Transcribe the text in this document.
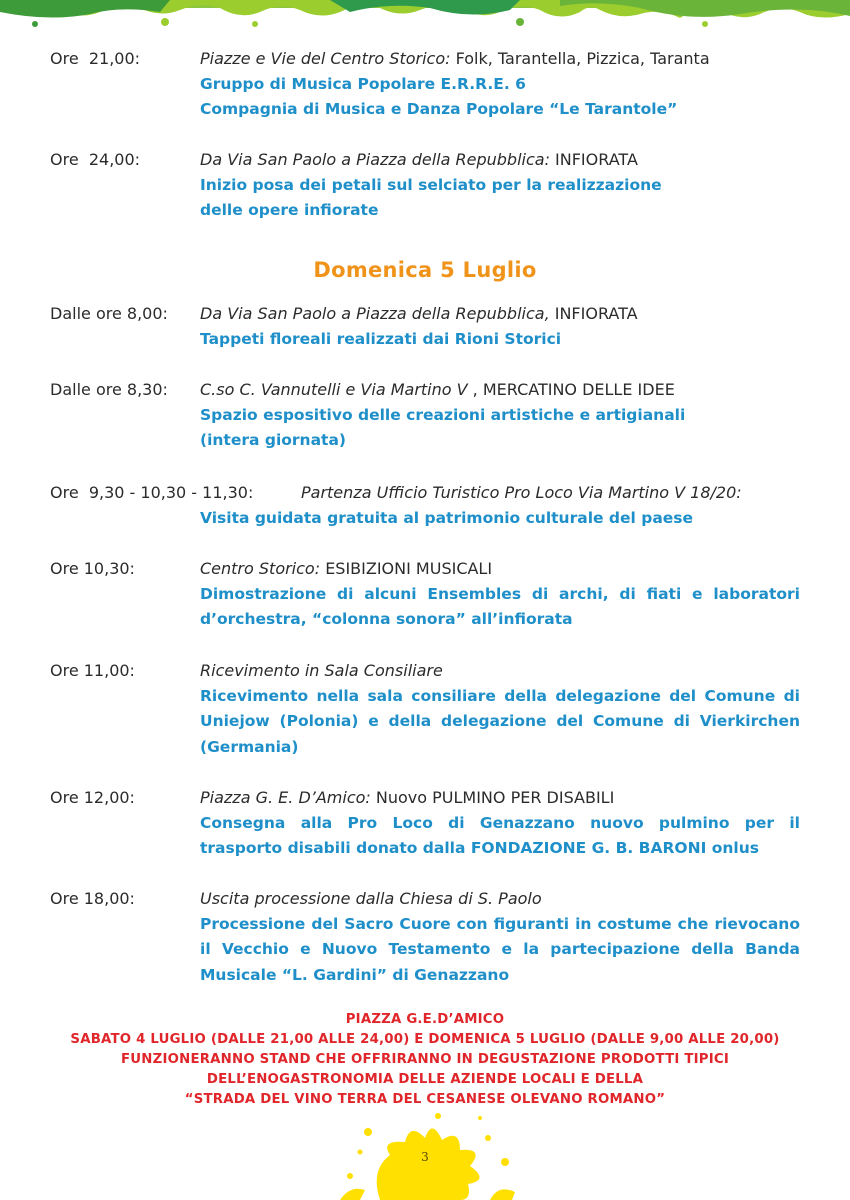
Ore  21,00:	Piazze e Vie del Centro Storico: Folk, Tarantella, Pizzica, Taranta
Gruppo di Musica Popolare E.R.R.E. 6
Compagnia di Musica e Danza Popolare “Le Tarantole”
Ore  24,00:	Da Via San Paolo a Piazza della Repubblica: INFIORATA
Inizio posa dei petali sul selciato per la realizzazione
delle opere infiorate
Domenica 5 Luglio
Dalle ore 8,00: Da Via San Paolo a Piazza della Repubblica, INFIORATA
Tappeti floreali realizzati dai Rioni Storici
Dalle ore 8,30: C.so C. Vannutelli e Via Martino V , MERCATINO DELLE IDEE
Spazio espositivo delle creazioni artistiche e artigianali
(intera giornata)
Ore  9,30 - 10,30 - 11,30:	Partenza Ufficio Turistico Pro Loco Via Martino V 18/20:
Visita guidata gratuita al patrimonio culturale del paese
Ore 10,30:	Centro Storico: ESIBIZIONI MUSICALI
Dimostrazione di alcuni Ensembles di archi, di fiati e laboratori
d’orchestra, “colonna sonora” all’infiorata
Ore 11,00:	Ricevimento in Sala Consiliare
Ricevimento nella sala consiliare della delegazione del Comune di
Uniejow (Polonia) e della delegazione del Comune di Vierkirchen
(Germania)
Ore 12,00:	Piazza G. E. D’Amico: Nuovo PULMINO PER DISABILI
Consegna alla Pro Loco di Genazzano nuovo pulmino per il
trasporto disabili donato dalla FONDAZIONE G. B. BARONI onlus
Ore 18,00:	Uscita processione dalla Chiesa di S. Paolo
Processione del Sacro Cuore con figuranti in costume che rievocano
il Vecchio e Nuovo Testamento e la partecipazione della Banda
Musicale “L. Gardini” di Genazzano
PIAZZA G.E.D’AMICO
SABATO 4 LUGLIO (DALLE 21,00 ALLE 24,00) E DOMENICA 5 LUGLIO (DALLE 9,00 ALLE 20,00)
FUNZIONERANNO STAND CHE OFFRIRANNO IN DEGUSTAZIONE PRODOTTI TIPICI
DELL’ENOGASTRONOMIA DELLE AZIENDE LOCALI E DELLA
“STRADA DEL VINO TERRA DEL CESANESE OLEVANO ROMANO”
3
